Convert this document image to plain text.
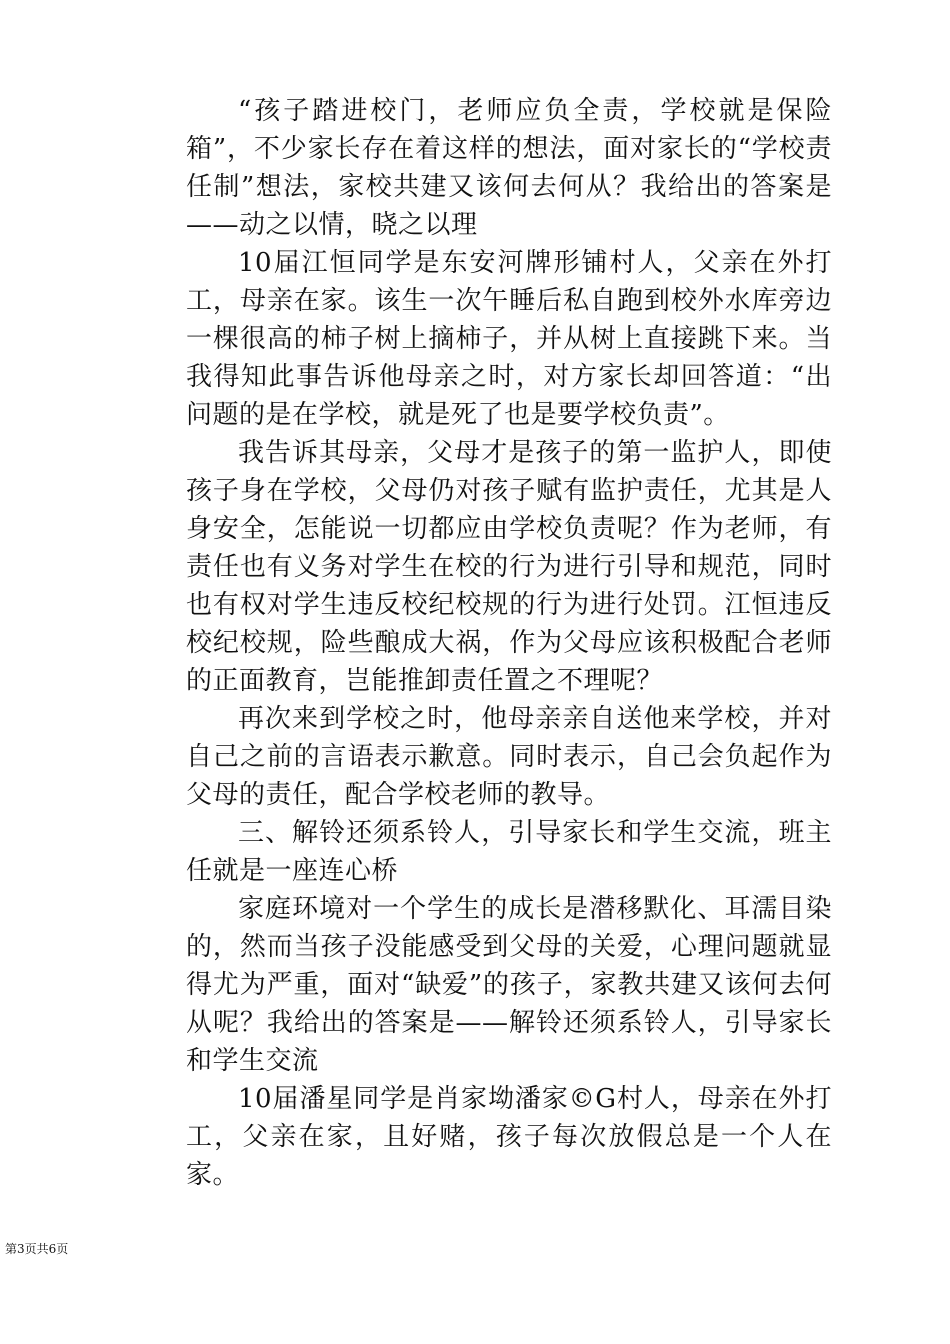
“孩子踏进校门，老师应负全责，学校就是保险箱”，不少家长存在着这样的想法，面对家长的“学校责任制”想法，家校共建又该何去何从？我给出的答案是——动之以情，晓之以理

10届江恒同学是东安河牌形铺村人，父亲在外打工，母亲在家。该生一次午睡后私自跑到校外水库旁边一棵很高的柿子树上摘柿子，并从树上直接跳下来。当我得知此事告诉他母亲之时，对方家长却回答道：“出问题的是在学校，就是死了也是要学校负责”。

我告诉其母亲，父母才是孩子的第一监护人，即使孩子身在学校，父母仍对孩子赋有监护责任，尤其是人身安全，怎能说一切都应由学校负责呢？作为老师，有责任也有义务对学生在校的行为进行引导和规范，同时也有权对学生违反校纪校规的行为进行处罚。江恒违反校纪校规，险些酿成大祸，作为父母应该积极配合老师的正面教育，岂能推卸责任置之不理呢？

再次来到学校之时，他母亲亲自送他来学校，并对自己之前的言语表示歉意。同时表示，自己会负起作为父母的责任，配合学校老师的教导。

三、解铃还须系铃人，引导家长和学生交流，班主任就是一座连心桥

家庭环境对一个学生的成长是潜移默化、耳濡目染的，然而当孩子没能感受到父母的关爱，心理问题就显得尤为严重，面对“缺爱”的孩子，家教共建又该何去何从呢？我给出的答案是——解铃还须系铃人，引导家长和学生交流

10届潘星同学是肖家坳潘家©G村人，母亲在外打工，父亲在家，且好赌，孩子每次放假总是一个人在家。

第3页共6页
